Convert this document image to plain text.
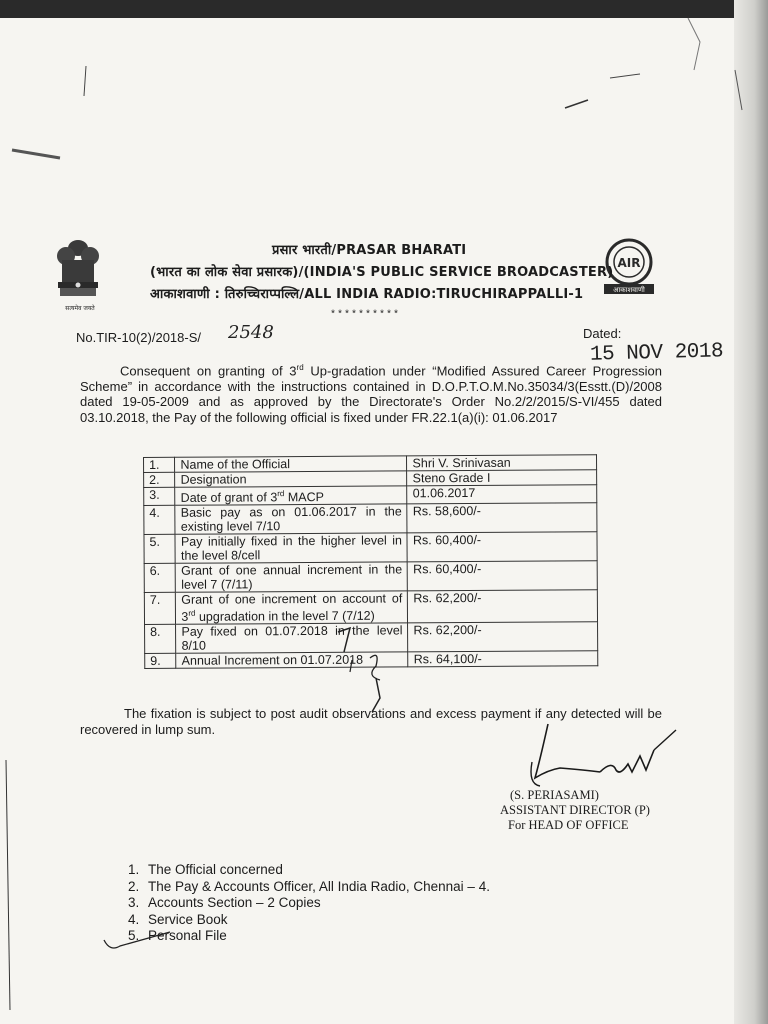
सत्यमेव जयते
AIR
आकाशवाणी
प्रसार भारती/PRASAR BHARATI
(भारत का लोक सेवा प्रसारक)/(INDIA'S PUBLIC SERVICE BROADCASTER)
आकाशवाणी : तिरुच्चिराप्पल्लि/ALL INDIA RADIO:TIRUCHIRAPPALLI-1
**********
No.TIR-10(2)/2018-S/ 2548	Dated:
15 NOV 2018
Consequent on granting of 3rd Up-gradation under “Modified Assured Career Progression Scheme” in accordance with the instructions contained in D.O.P.T.O.M.No.35034/3(Esstt.(D)/2008 dated 19-05-2009 and as approved by the Directorate's Order No.2/2/2015/S-VI/455 dated 03.10.2018, the Pay of the following official is fixed under FR.22.1(a)(i): 01.06.2017
1.	Name of the Official	Shri V. Srinivasan
2.	Designation	Steno Grade I
3.	Date of grant of 3rd MACP	01.06.2017
4.	Basic pay as on 01.06.2017 in the existing level 7/10	Rs. 58,600/-
5.	Pay initially fixed in the higher level in the level 8/cell	Rs. 60,400/-
6.	Grant of one annual increment in the level 7 (7/11)	Rs. 60,400/-
7.	Grant of one increment on account of 3rd upgradation in the level 7 (7/12)	Rs. 62,200/-
8.	Pay fixed on 01.07.2018 in the level 8/10	Rs. 62,200/-
9.	Annual Increment on 01.07.2018	Rs. 64,100/-
The fixation is subject to post audit observations and excess payment if any detected will be recovered in lump sum.
(S. PERIASAMI)
ASSISTANT DIRECTOR (P)
For HEAD OF OFFICE
1. The Official concerned
2. The Pay & Accounts Officer, All India Radio, Chennai – 4.
3. Accounts Section – 2 Copies
4. Service Book
5. Personal File
